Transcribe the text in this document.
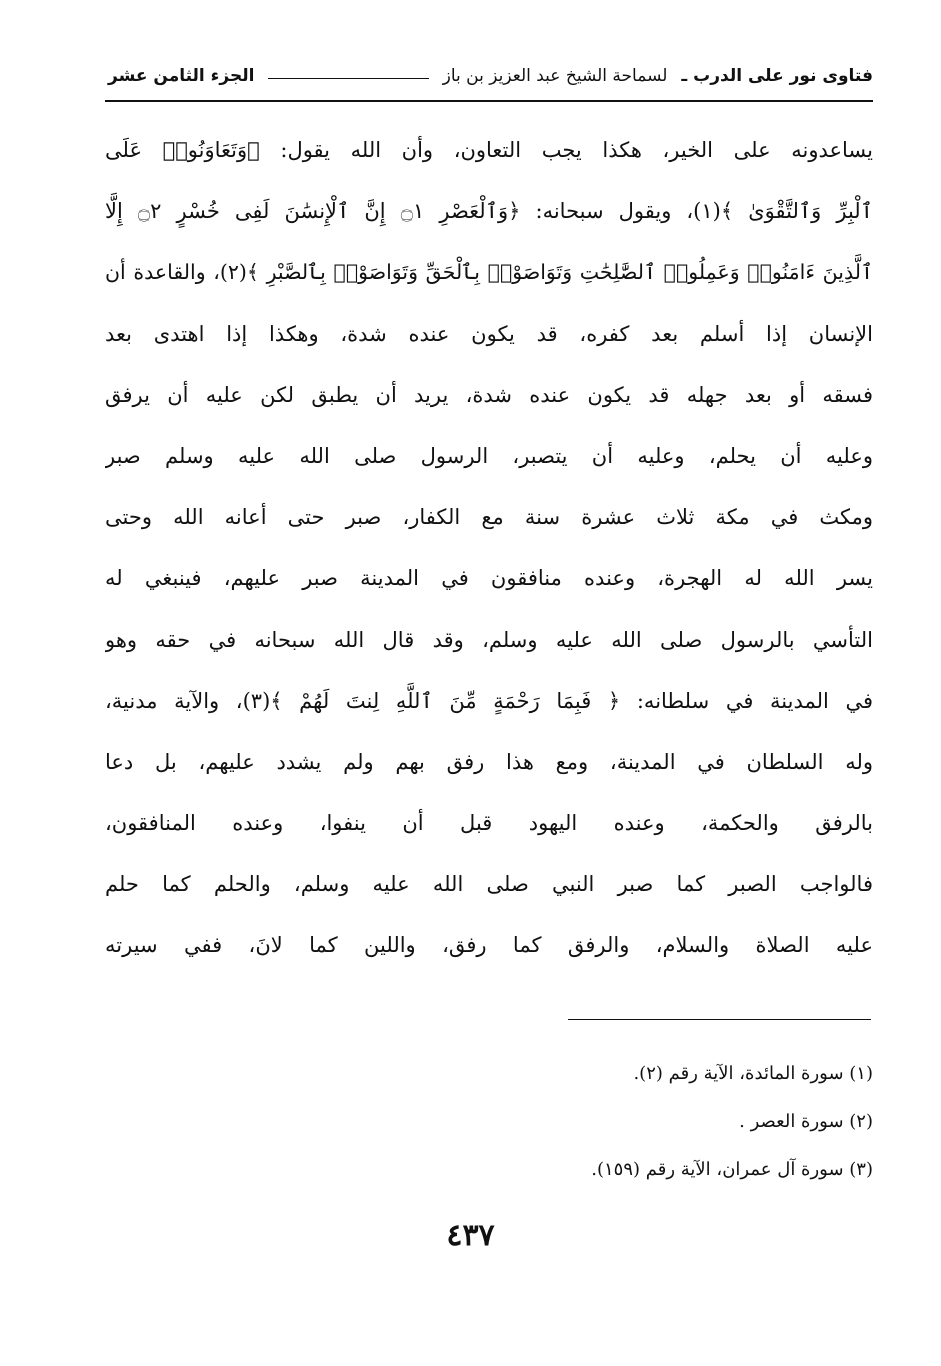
فتاوى نور على الدرب ـ
لسماحة الشيخ عبد العزيز بن باز
الجزء الثامن عشر
يساعدونه على الخير، هكذا يجب التعاون، وأن الله يقول: ﴿وَتَعَاوَنُوا۟ عَلَى
ٱلْبِرِّ وَٱلتَّقْوَىٰ ﴾(١)، ويقول سبحانه: ﴿وَٱلْعَصْرِ ۝١ إِنَّ ٱلْإِنسَٰنَ لَفِى خُسْرٍ ۝٢ إِلَّا
ٱلَّذِينَ ءَامَنُوا۟ وَعَمِلُوا۟ ٱلصَّٰلِحَٰتِ وَتَوَاصَوْا۟ بِٱلْحَقِّ وَتَوَاصَوْا۟ بِٱلصَّبْرِ ﴾(٢)، والقاعدة أن
الإنسان إذا أسلم بعد كفره، قد يكون عنده شدة، وهكذا إذا اهتدى بعد
فسقه أو بعد جهله قد يكون عنده شدة، يريد أن يطبق لكن عليه أن يرفق
وعليه أن يحلم، وعليه أن يتصبر، الرسول صلى الله عليه وسلم صبر
ومكث في مكة ثلاث عشرة سنة مع الكفار، صبر حتى أعانه الله وحتى
يسر الله له الهجرة، وعنده منافقون في المدينة صبر عليهم، فينبغي له
التأسي بالرسول صلى الله عليه وسلم، وقد قال الله سبحانه في حقه وهو
في المدينة في سلطانه: ﴿ فَبِمَا رَحْمَةٍ مِّنَ ٱللَّهِ لِنتَ لَهُمْ ﴾(٣)، والآية مدنية،
وله السلطان في المدينة، ومع هذا رفق بهم ولم يشدد عليهم، بل دعا
بالرفق والحكمة، وعنده اليهود قبل أن ينفوا، وعنده المنافقون،
فالواجب الصبر كما صبر النبي صلى الله عليه وسلم، والحلم كما حلم
عليه الصلاة والسلام، والرفق كما رفق، واللين كما لانَ، ففي سيرته
(١) سورة المائدة، الآية رقم (٢).
(٢) سورة العصر .
(٣) سورة آل عمران، الآية رقم (١٥٩).
٤٣٧
